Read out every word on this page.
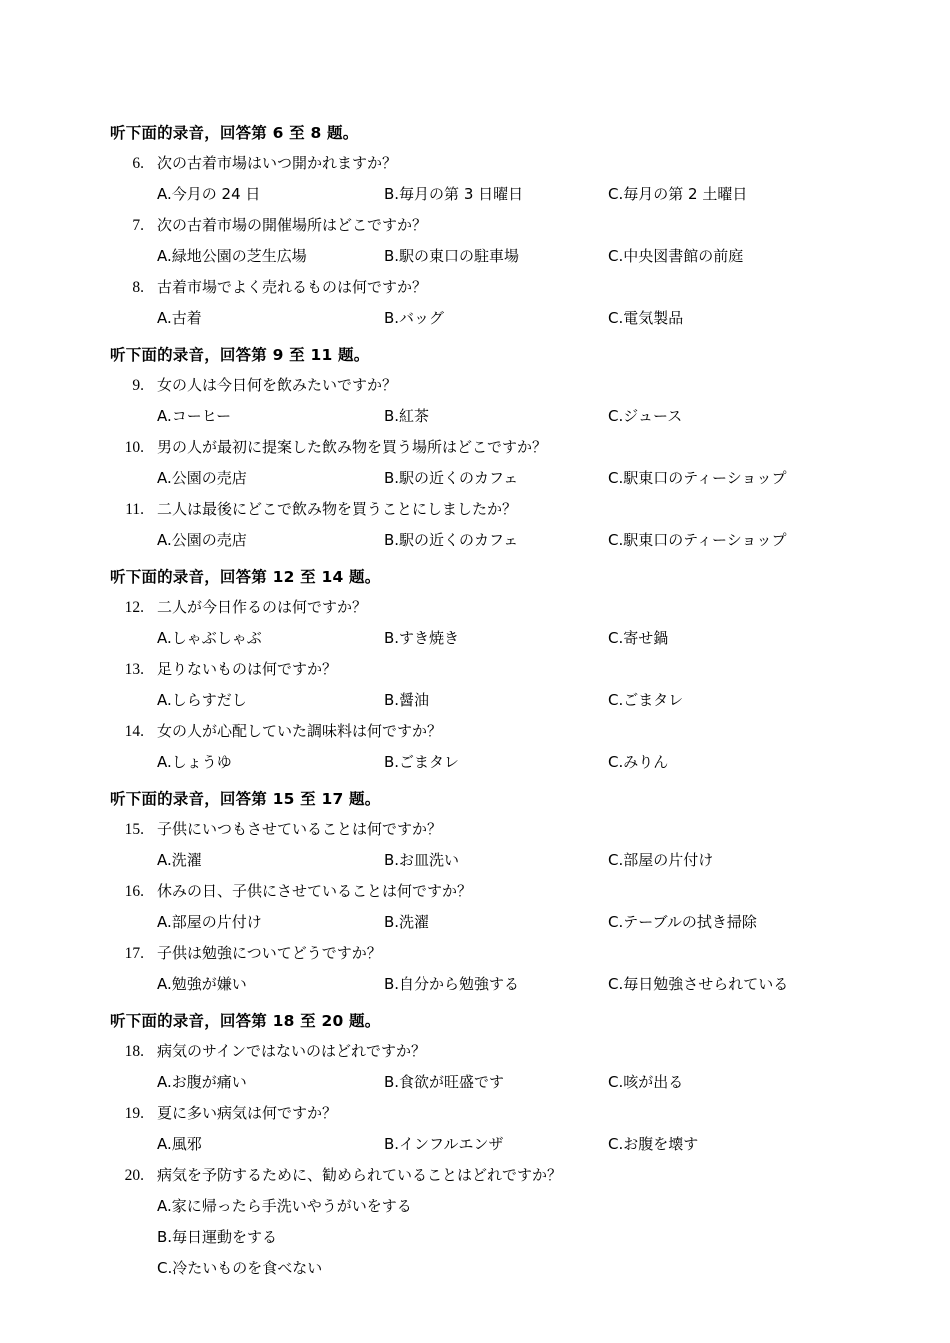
听下面的录音，回答第 6 至 8 题。
6. 次の古着市場はいつ開かれますか？
A.今月の 24 日	B.毎月の第 3 日曜日	C.毎月の第 2 土曜日
7. 次の古着市場の開催場所はどこですか？
A.緑地公園の芝生広場	B.駅の東口の駐車場	C.中央図書館の前庭
8. 古着市場でよく売れるものは何ですか？
A.古着	B.バッグ	C.電気製品
听下面的录音，回答第 9 至 11 题。
9. 女の人は今日何を飲みたいですか？
A.コーヒー	B.紅茶	C.ジュース
10. 男の人が最初に提案した飲み物を買う場所はどこですか？
A.公園の売店	B.駅の近くのカフェ	C.駅東口のティーショップ
11. 二人は最後にどこで飲み物を買うことにしましたか？
A.公園の売店	B.駅の近くのカフェ	C.駅東口のティーショップ
听下面的录音，回答第 12 至 14 题。
12. 二人が今日作るのは何ですか？
A.しゃぶしゃぶ	B.すき焼き	C.寄せ鍋
13. 足りないものは何ですか？
A.しらすだし	B.醤油	C.ごまタレ
14. 女の人が心配していた調味料は何ですか？
A.しょうゆ	B.ごまタレ	C.みりん
听下面的录音，回答第 15 至 17 题。
15. 子供にいつもさせていることは何ですか？
A.洗濯	B.お皿洗い	C.部屋の片付け
16. 休みの日、子供にさせていることは何ですか？
A.部屋の片付け	B.洗濯	C.テーブルの拭き掃除
17. 子供は勉強についてどうですか？
A.勉強が嫌い	B.自分から勉強する	C.毎日勉強させられている
听下面的录音，回答第 18 至 20 题。
18. 病気のサインではないのはどれですか？
A.お腹が痛い	B.食欲が旺盛です	C.咳が出る
19. 夏に多い病気は何ですか？
A.風邪	B.インフルエンザ	C.お腹を壊す
20. 病気を予防するために、勧められていることはどれですか？
A.家に帰ったら手洗いやうがいをする
B.毎日運動をする
C.冷たいものを食べない
